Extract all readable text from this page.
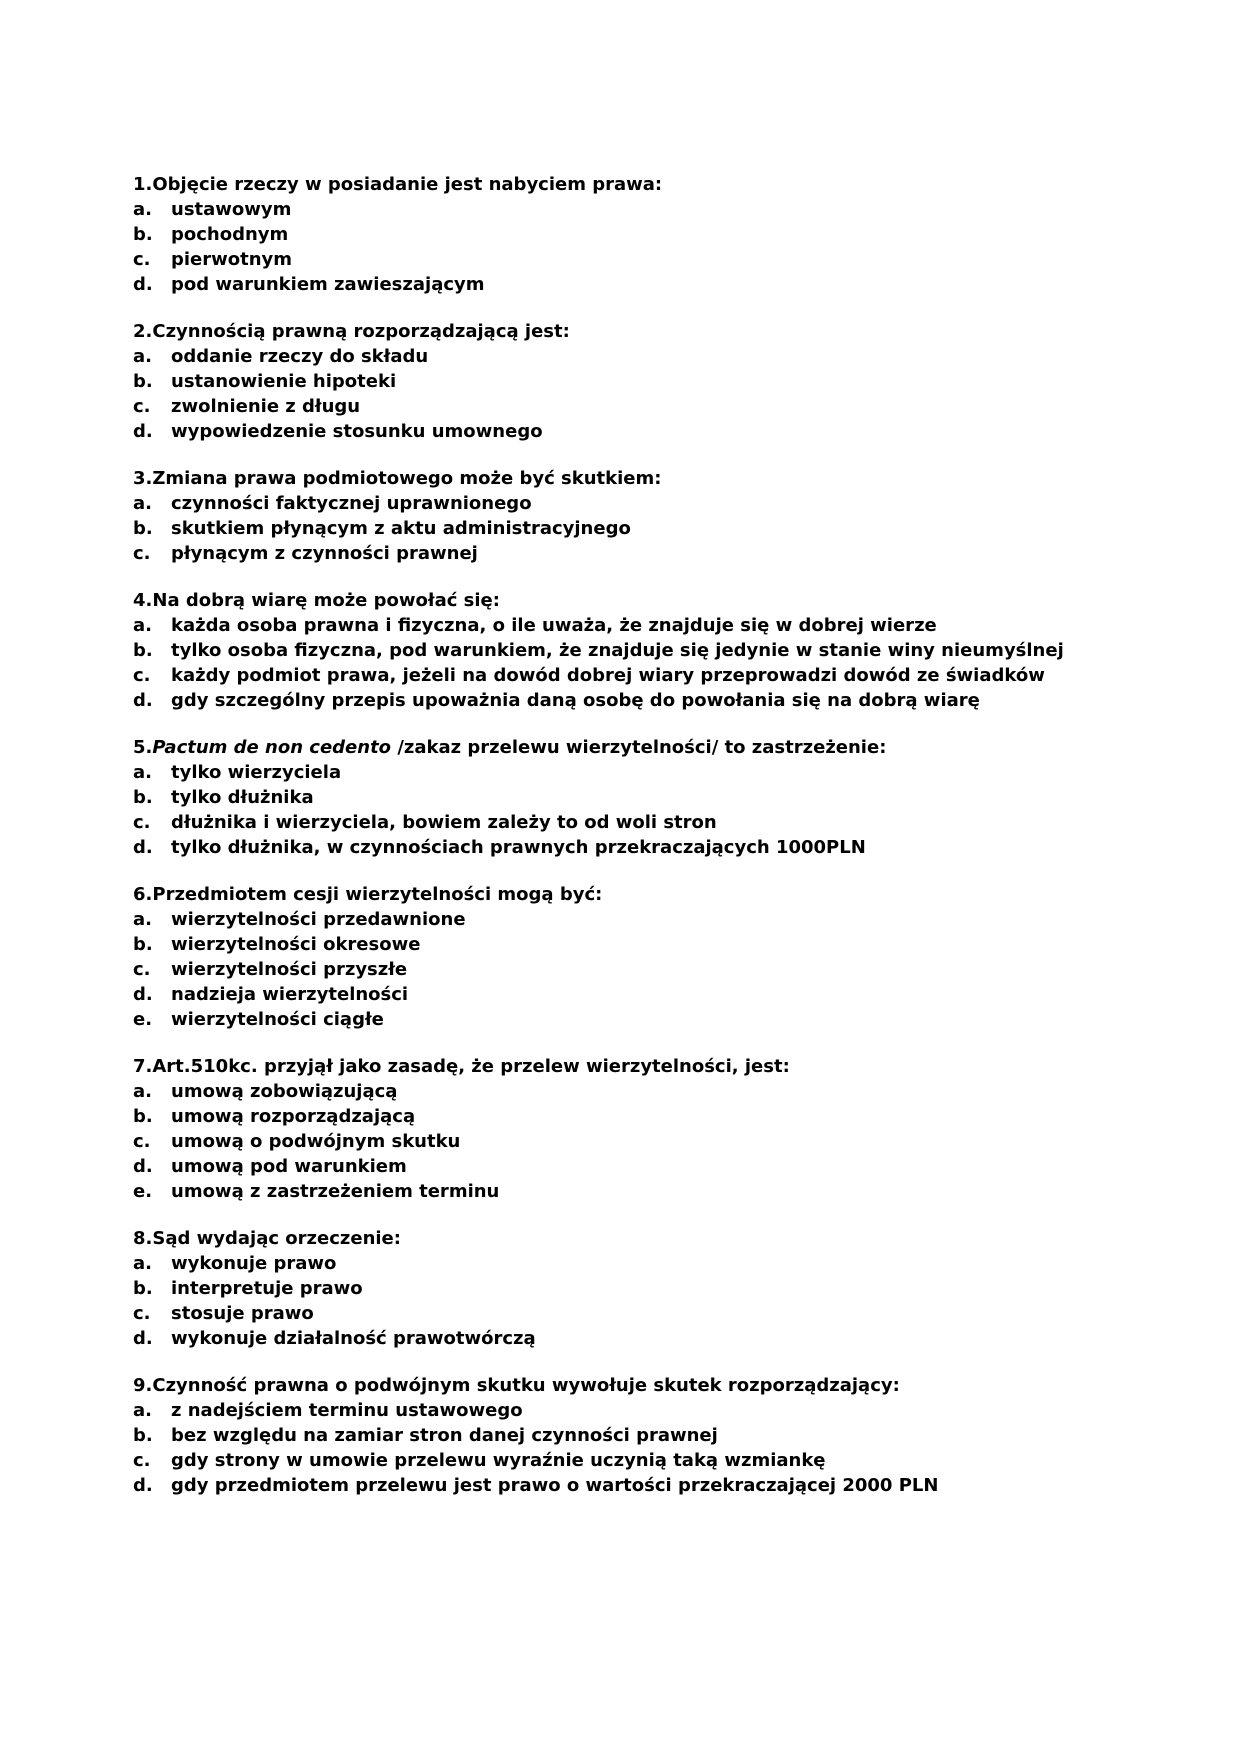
1.Objęcie rzeczy w posiadanie jest nabyciem prawa:

a.	ustawowym
b.	pochodnym
c.	pierwotnym
d.	pod warunkiem zawieszającym

2.Czynnością prawną rozporządzającą jest:

a.	oddanie rzeczy do składu
b.	ustanowienie hipoteki
c.	zwolnienie z długu
d.	wypowiedzenie stosunku umownego

3.Zmiana prawa podmiotowego może być skutkiem:

a.	czynności faktycznej uprawnionego
b.	skutkiem płynącym z aktu administracyjnego
c.	płynącym z czynności prawnej

4.Na dobrą wiarę może powołać się:

a.	każda osoba prawna i fizyczna, o ile uważa, że znajduje się w dobrej wierze
b.	tylko osoba fizyczna, pod warunkiem, że znajduje się jedynie w stanie winy nieumyślnej
c.	każdy podmiot prawa, jeżeli na dowód dobrej wiary przeprowadzi dowód ze świadków
d.	gdy szczególny przepis upoważnia daną osobę do powołania się na dobrą wiarę

5.Pactum de non cedento /zakaz przelewu wierzytelności/ to zastrzeżenie:

a.	tylko wierzyciela
b.	tylko dłużnika
c.	dłużnika i wierzyciela, bowiem zależy to od woli stron
d.	tylko dłużnika, w czynnościach prawnych przekraczających 1000PLN

6.Przedmiotem cesji wierzytelności mogą być:

a.	wierzytelności przedawnione
b.	wierzytelności okresowe
c.	wierzytelności przyszłe
d.	nadzieja wierzytelności
e.	wierzytelności ciągłe

7.Art.510kc. przyjął jako zasadę, że przelew wierzytelności, jest:

a.	umową zobowiązującą
b.	umową rozporządzającą
c.	umową o podwójnym skutku
d.	umową pod warunkiem
e.	umową z zastrzeżeniem terminu

8.Sąd wydając orzeczenie:

a.	wykonuje prawo
b.	interpretuje prawo
c.	stosuje prawo
d.	wykonuje działalność prawotwórczą

9.Czynność prawna o podwójnym skutku wywołuje skutek rozporządzający:

a.	z nadejściem terminu ustawowego
b.	bez względu na zamiar stron danej czynności prawnej
c.	gdy strony w umowie przelewu wyraźnie uczynią taką wzmiankę
d.	gdy przedmiotem przelewu jest prawo o wartości przekraczającej 2000 PLN
